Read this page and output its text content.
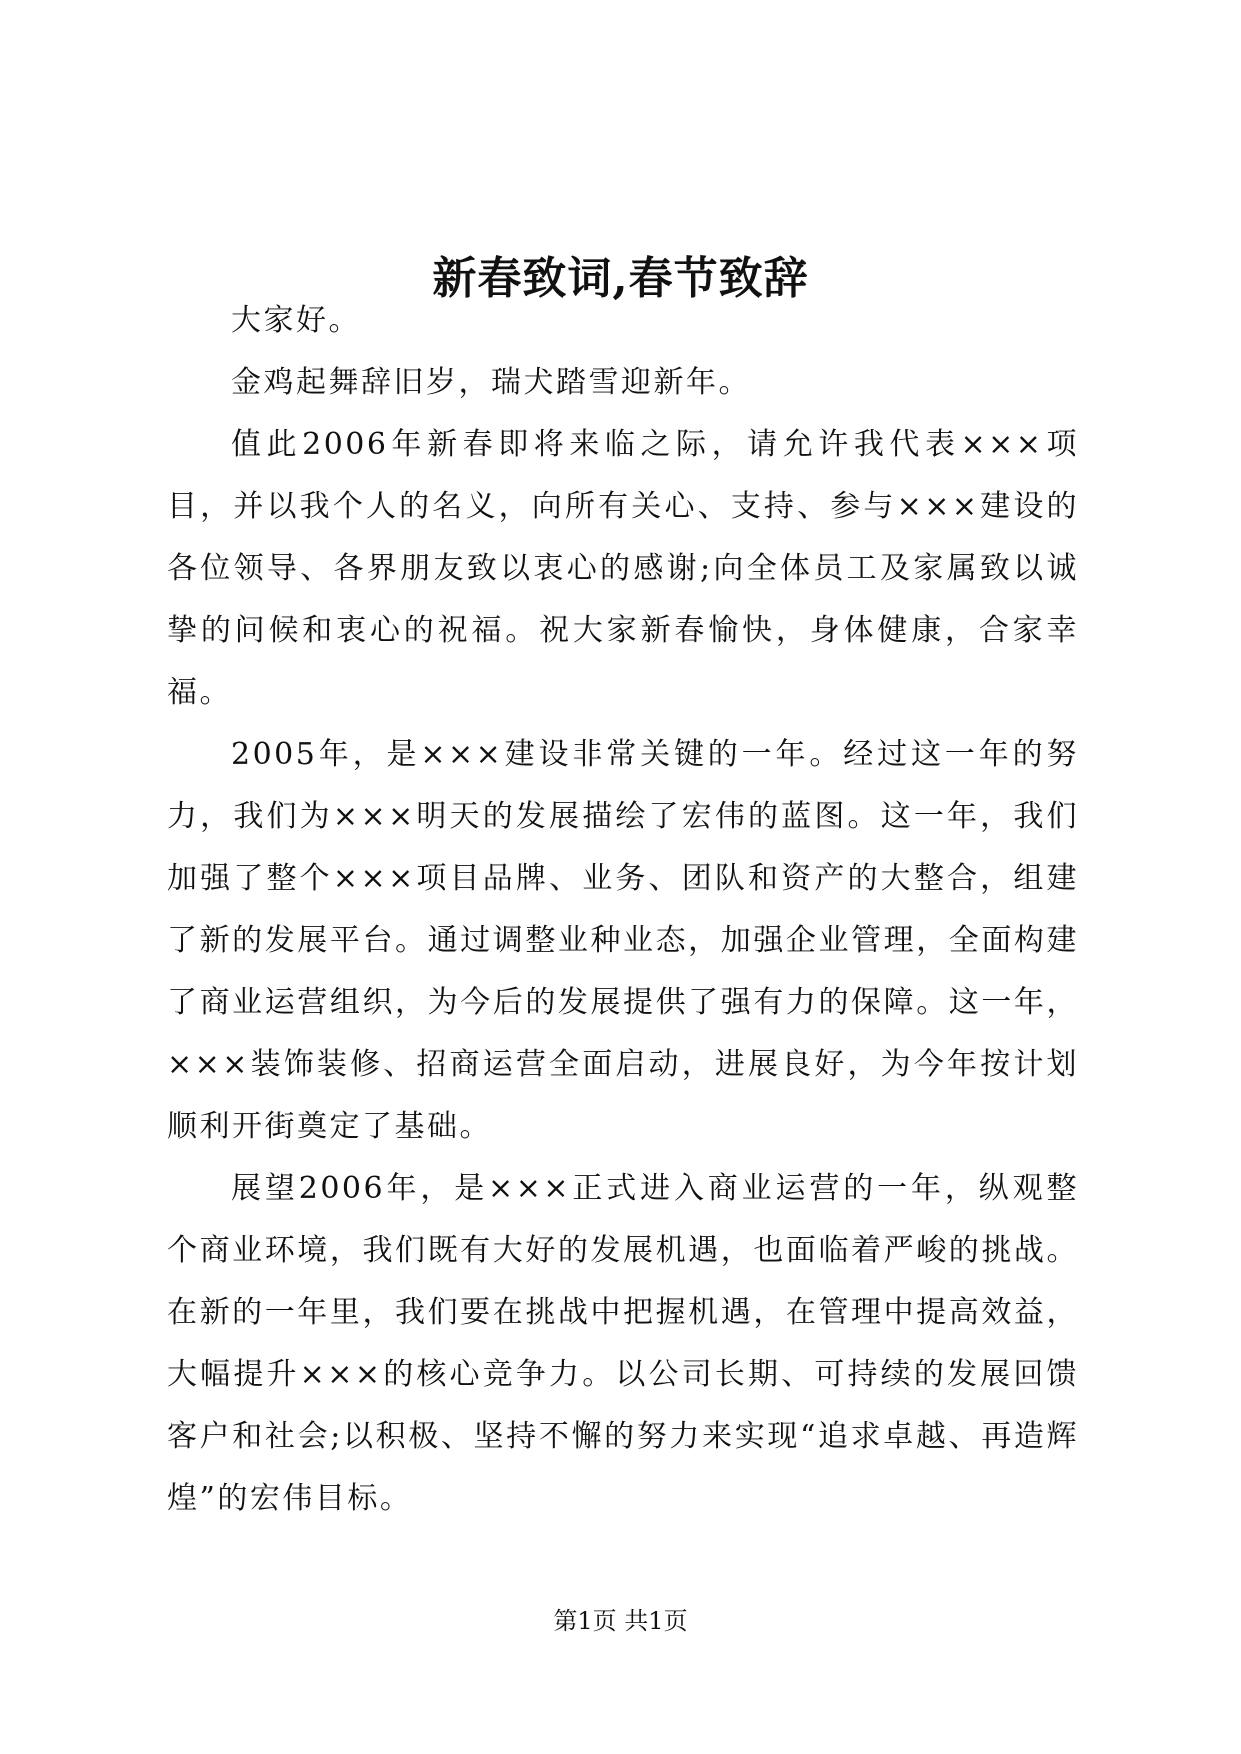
新春致词,春节致辞

大家好。

金鸡起舞辞旧岁，瑞犬踏雪迎新年。

值此2006年新春即将来临之际，请允许我代表×××项目，并以我个人的名义，向所有关心、支持、参与×××建设的各位领导、各界朋友致以衷心的感谢;向全体员工及家属致以诚挚的问候和衷心的祝福。祝大家新春愉快，身体健康，合家幸福。

2005年，是×××建设非常关键的一年。经过这一年的努力，我们为×××明天的发展描绘了宏伟的蓝图。这一年，我们加强了整个×××项目品牌、业务、团队和资产的大整合，组建了新的发展平台。通过调整业种业态，加强企业管理，全面构建了商业运营组织，为今后的发展提供了强有力的保障。这一年，×××装饰装修、招商运营全面启动，进展良好，为今年按计划顺利开街奠定了基础。

展望2006年，是×××正式进入商业运营的一年，纵观整个商业环境，我们既有大好的发展机遇，也面临着严峻的挑战。在新的一年里，我们要在挑战中把握机遇，在管理中提高效益，大幅提升×××的核心竞争力。以公司长期、可持续的发展回馈客户和社会;以积极、坚持不懈的努力来实现“追求卓越、再造辉煌”的宏伟目标。

第1页 共1页
